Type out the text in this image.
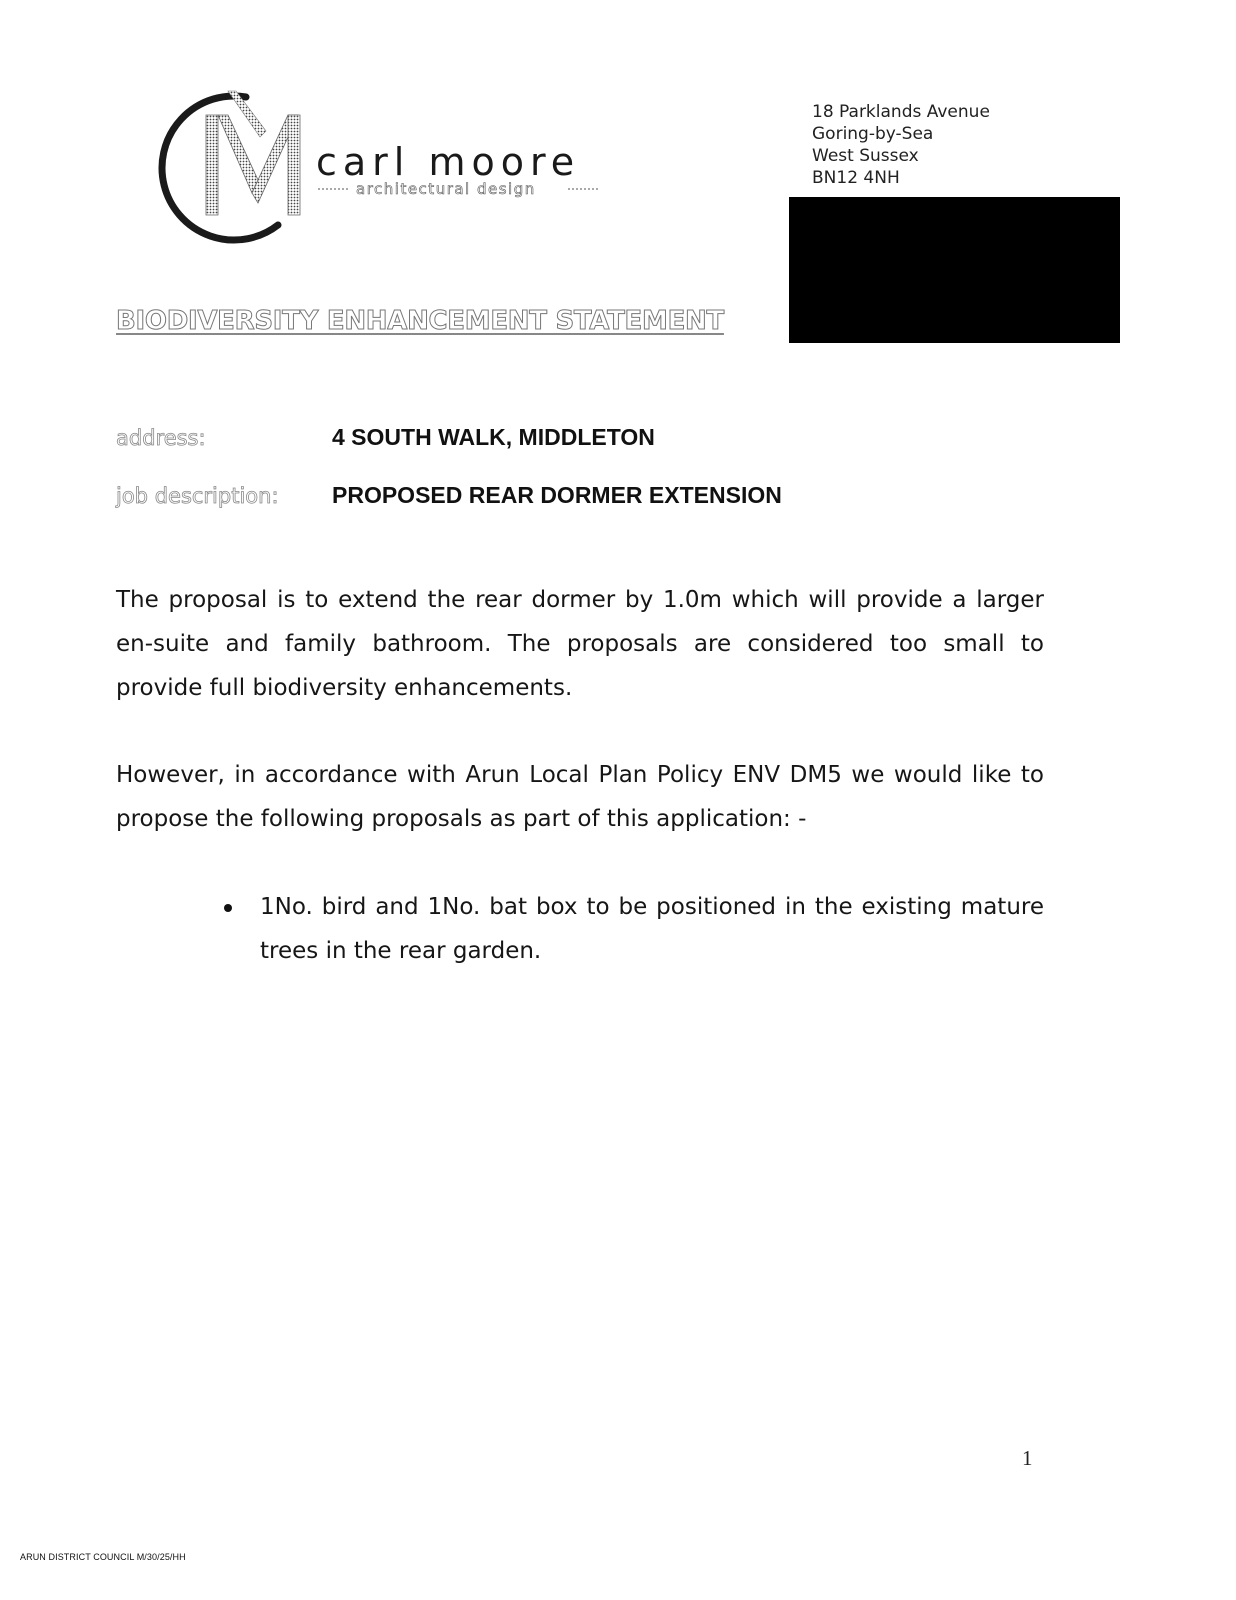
carl moore
architectural design
18 Parklands Avenue
Goring-by-Sea
West Sussex
BN12 4NH
BIODIVERSITY ENHANCEMENT STATEMENT
address:	4 SOUTH WALK, MIDDLETON
job description: PROPOSED REAR DORMER EXTENSION

The proposal is to extend the rear dormer by 1.0m which will provide a larger en-suite and family bathroom. The proposals are considered too small to provide full biodiversity enhancements.

However, in accordance with Arun Local Plan Policy ENV DM5 we would like to propose the following proposals as part of this application: -

1No. bird and 1No. bat box to be positioned in the existing mature trees in the rear garden.
1
ARUN DISTRICT COUNCIL M/30/25/HH
